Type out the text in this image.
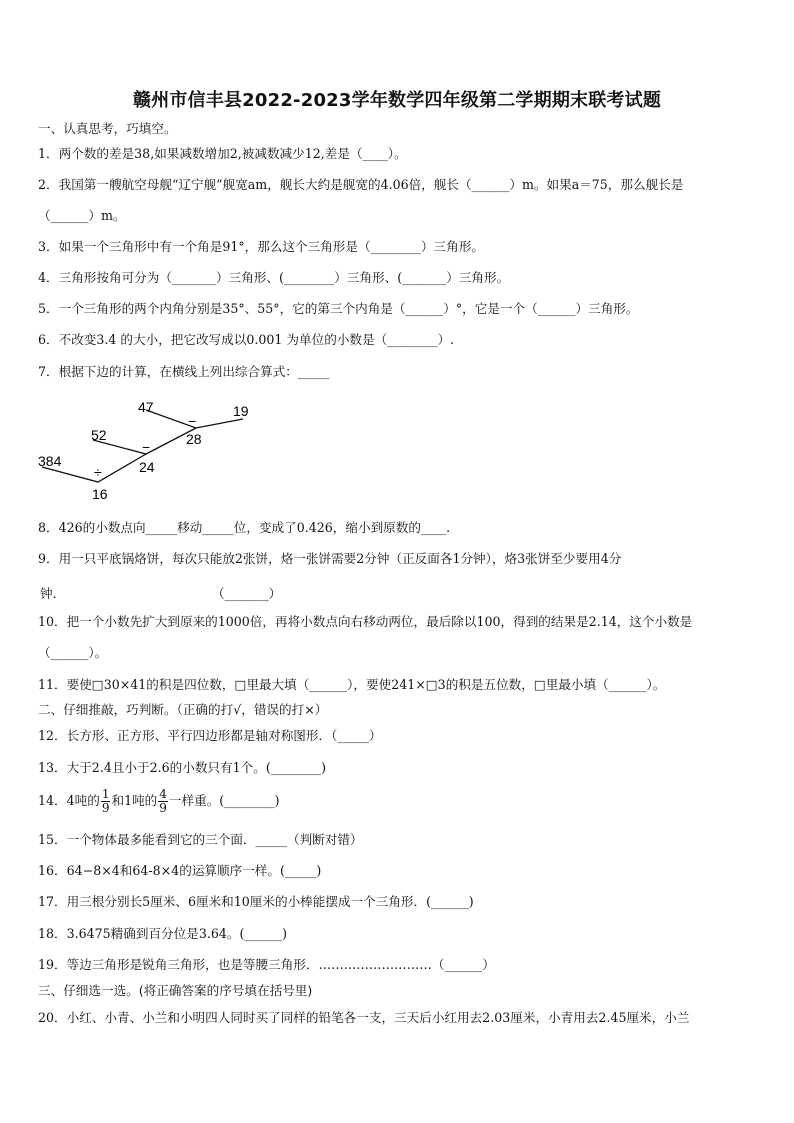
赣州市信丰县2022-2023学年数学四年级第二学期期末联考试题
一、认真思考，巧填空。
1．两个数的差是38,如果减数增加2,被减数减少12,差是（____）。
2．我国第一艘航空母舰“辽宁舰”舰宽am，舰长大约是舰宽的4.06倍，舰长（______）m。如果a＝75，那么舰长是
（______）m。
3．如果一个三角形中有一个角是91°，那么这个三角形是（________）三角形。
4．三角形按角可分为（_______）三角形、(________）三角形、(_______）三角形。
5．一个三角形的两个内角分别是35°、55°，它的第三个内角是（______）°，它是一个（______）三角形。
6．不改变3.4 的大小，把它改写成以0.001 为单位的小数是（________）.
7．根据下边的计算，在横线上列出综合算式：_____
47
−
19
28
52
−
24
384
÷
16
8．426的小数点向_____移动_____位，变成了0.426，缩小到原数的____.
9．用一只平底锅烙饼，每次只能放2张饼，烙一张饼需要2分钟（正反面各1分钟），烙3张饼至少要用4分
钟.	（_______）
10．把一个小数先扩大到原来的1000倍，再将小数点向右移动两位，最后除以100，得到的结果是2.14，这个小数是
（______）。
11．要使□30×41的积是四位数，□里最大填（______），要使241×□3的积是五位数，□里最小填（______）。
二、仔细推敲，巧判断。（正确的打√，错误的打×）
12．长方形、正方形、平行四边形都是轴对称图形．（_____）
13．大于2.4且小于2.6的小数只有1个。(________)
14．4吨的 $\frac{1}{9}$ 和1吨的 $\frac{4}{9}$ 一样重。(________)
15．一个物体最多能看到它的三个面．_____（判断对错）
16．64−8×4和64-8×4的运算顺序一样。(_____)
17．用三根分别长5厘米、6厘米和10厘米的小棒能摆成一个三角形．(______)
18．3.6475精确到百分位是3.64。(______)
19．等边三角形是锐角三角形，也是等腰三角形．………………………（______）
三、仔细选一选。(将正确答案的序号填在括号里)
20．小红、小青、小兰和小明四人同时买了同样的铅笔各一支，三天后小红用去2.03厘米，小青用去2.45厘米，小兰
